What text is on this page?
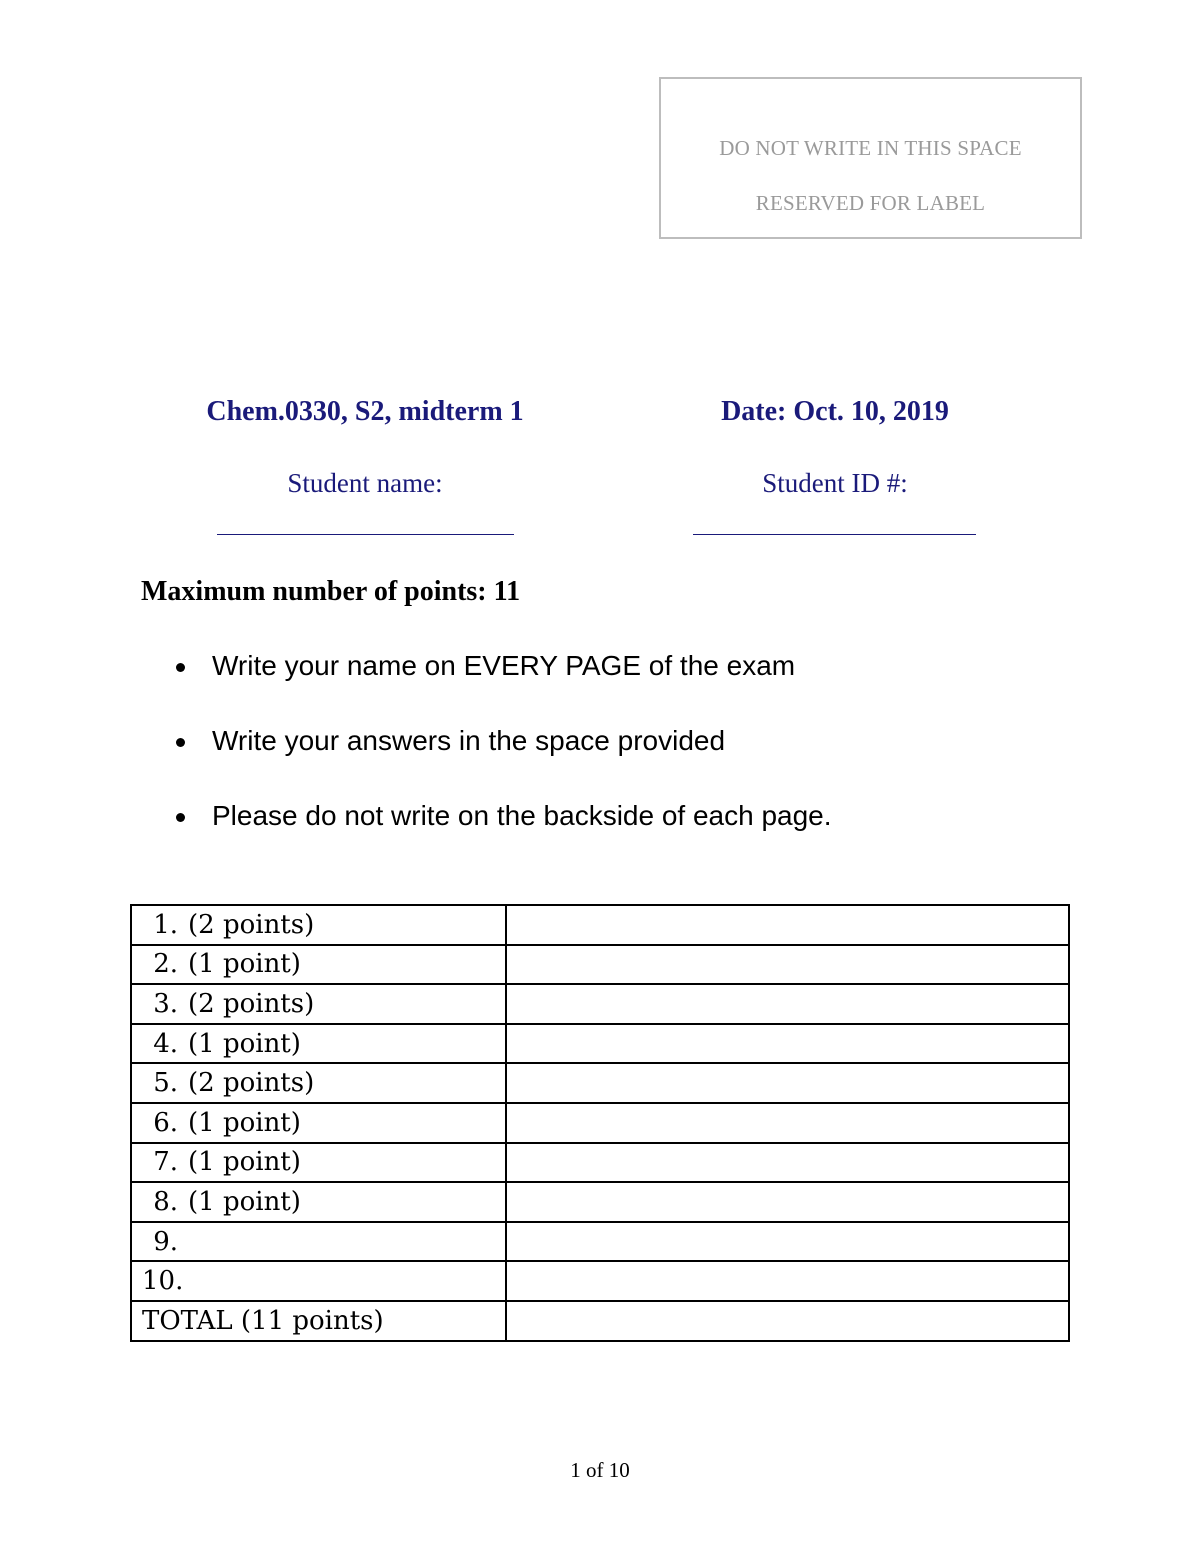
DO NOT WRITE IN THIS SPACE
RESERVED FOR LABEL
Chem.0330, S2, midterm 1	Date: Oct. 10, 2019
Student name:	Student ID #:
Maximum number of points: 11
Write your name on EVERY PAGE of the exam
Write your answers in the space provided
Please do not write on the backside of each page.
1. (2 points)	
2. (1 point)	
3. (2 points)	
4. (1 point)	
5. (2 points)	
6. (1 point)	
7. (1 point)	
8. (1 point)	
9.	
10.	
TOTAL (11 points)	
1 of 10
